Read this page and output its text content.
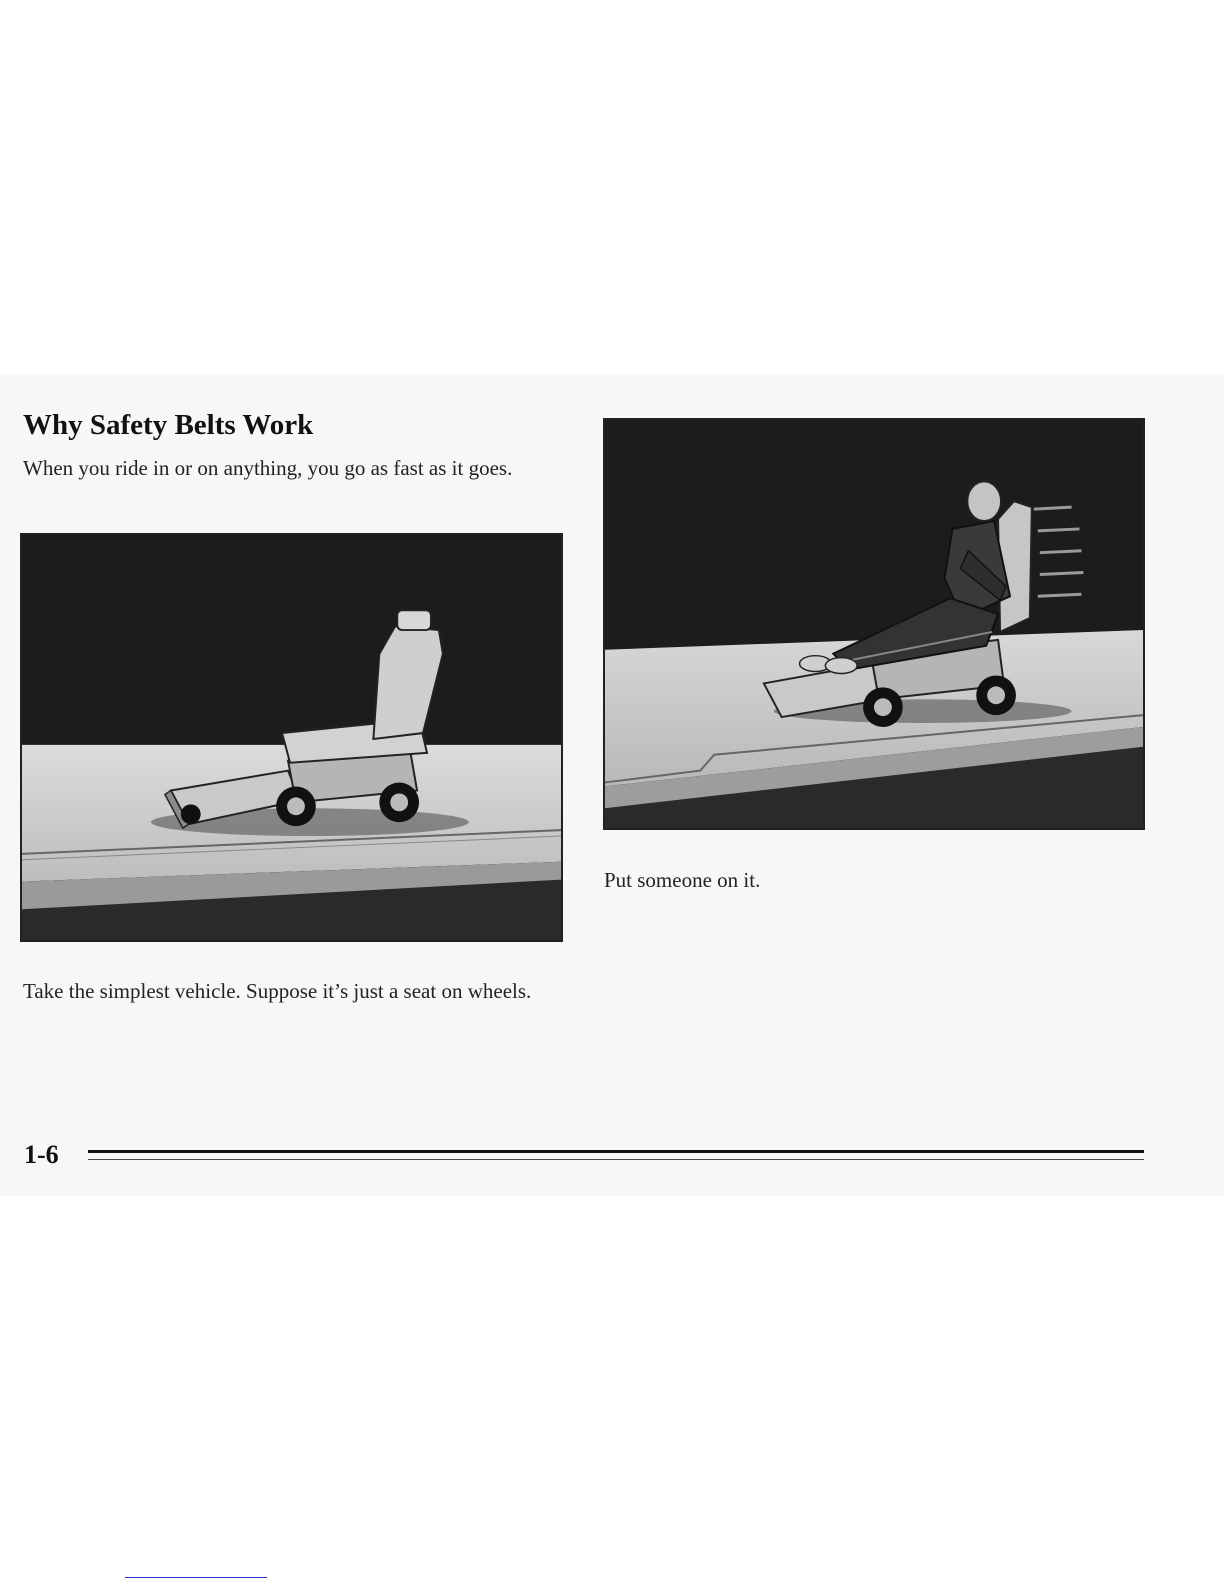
Why Safety Belts Work

When you ride in or on anything, you go as fast as it goes.

Take the simplest vehicle. Suppose it’s just a seat on wheels.

Put someone on it.

1-6
